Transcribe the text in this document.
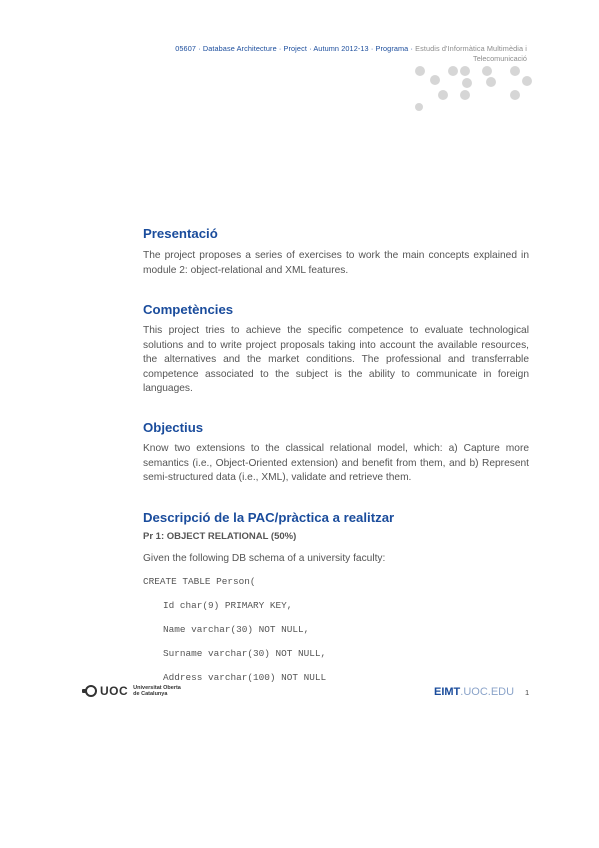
05607 · Database Architecture · Project · Autumn 2012-13 · Programa · Estudis d'Informàtica Multimèdia i
Telecomunicació
Presentació

The project proposes a series of exercises to work the main concepts explained in module 2: object-relational and XML features.

Competències

This project tries to achieve the specific competence to evaluate technological solutions and to write project proposals taking into account the available resources, the alternatives and the market conditions. The professional and transferrable competence associated to the subject is the ability to communicate in foreign languages.

Objectius

Know two extensions to the classical relational model, which: a) Capture more semantics (i.e., Object-Oriented extension) and benefit from them, and b) Represent semi-structured data (i.e., XML), validate and retrieve them.

Descripció de la PAC/pràctica a realitzar
Pr 1: OBJECT RELATIONAL (50%)

Given the following DB schema of a university faculty:

CREATE TABLE Person(

Id char(9) PRIMARY KEY,

Name varchar(30) NOT NULL,

Surname varchar(30) NOT NULL,

Address varchar(100) NOT NULL

UOC Universitat Oberta
de Catalunya	EIMT.UOC.EDU 1
